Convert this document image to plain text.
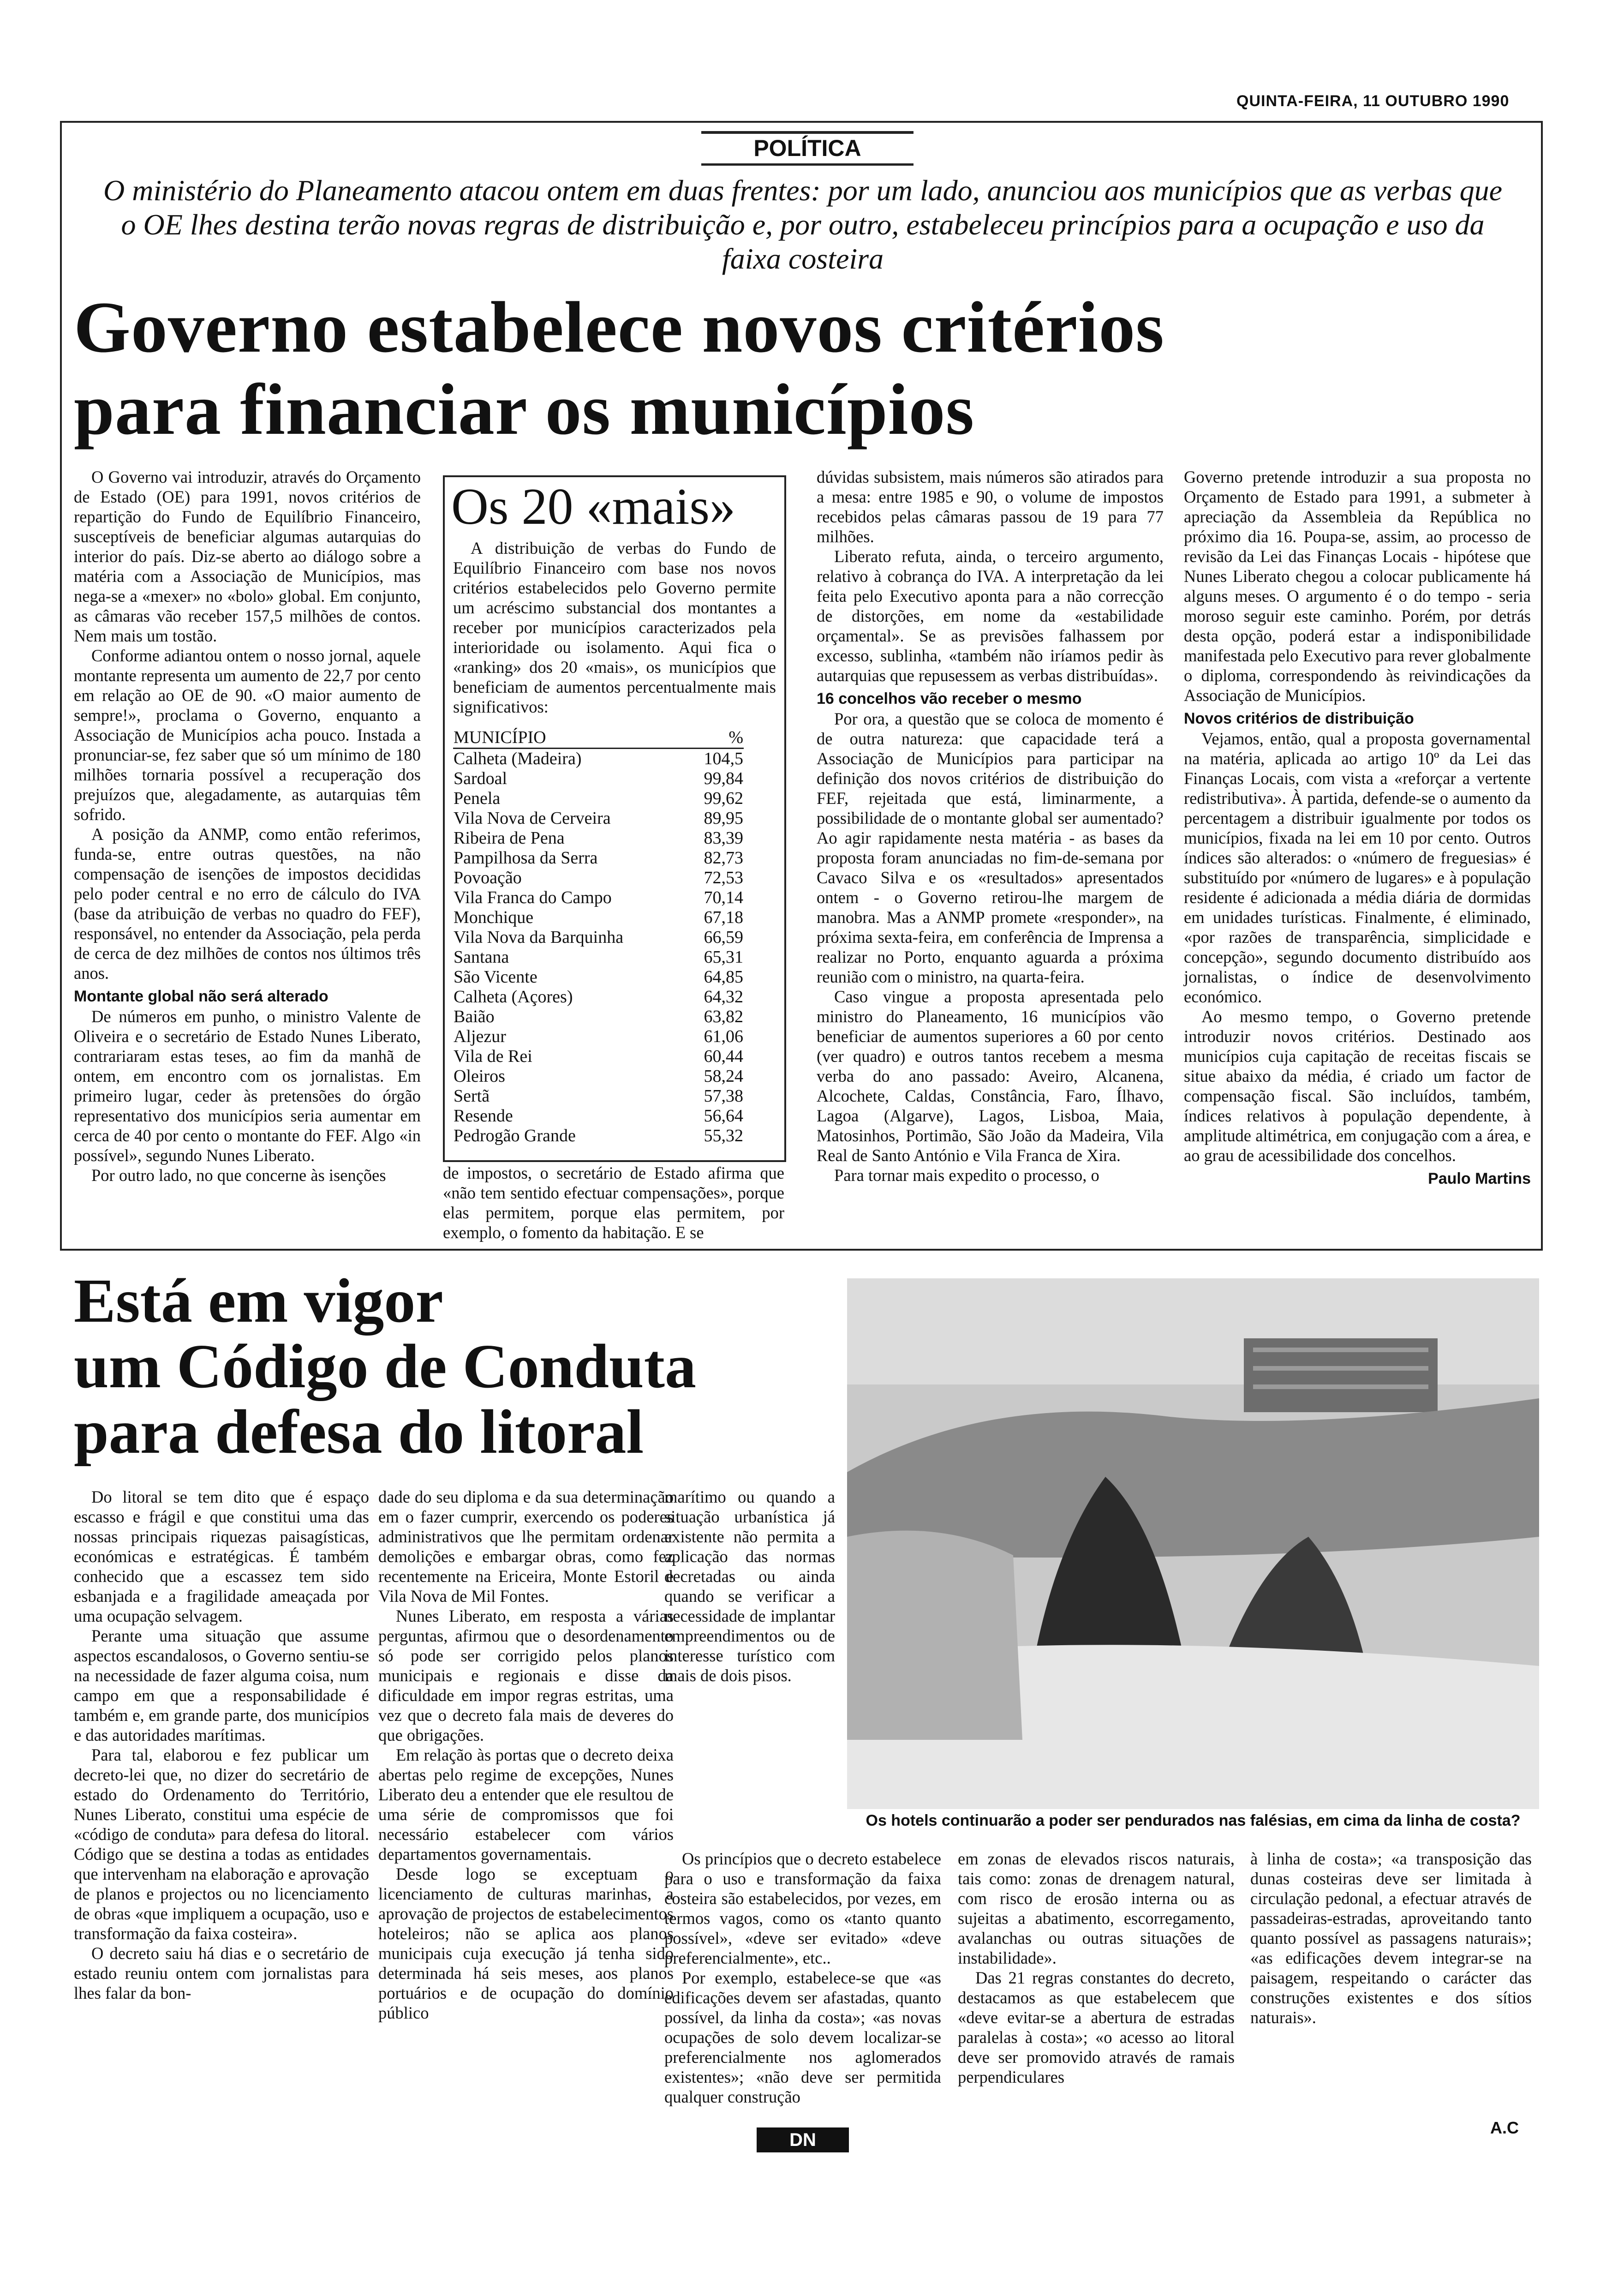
QUINTA-FEIRA, 11 OUTUBRO 1990
POLÍTICA
O ministério do Planeamento atacou ontem em duas frentes: por um lado, anunciou aos municípios que as verbas que o OE lhes destina terão novas regras de distribuição e, por outro, estabeleceu princípios para a ocupação e uso da faixa costeira
Governo estabelece novos critérios
para financiar os municípios

O Governo vai introduzir, através do Orçamento de Estado (OE) para 1991, novos critérios de repartição do Fundo de Equilíbrio Financeiro, susceptíveis de beneficiar algumas autarquias do interior do país. Diz-se aberto ao diálogo sobre a matéria com a Associação de Municípios, mas nega-se a «mexer» no «bolo» global. Em conjunto, as câmaras vão receber 157,5 milhões de contos. Nem mais um tostão.

Conforme adiantou ontem o nosso jornal, aquele montante representa um aumento de 22,7 por cento em relação ao OE de 90. «O maior aumento de sempre!», proclama o Governo, enquanto a Associação de Municípios acha pouco. Instada a pronunciar-se, fez saber que só um mínimo de 180 milhões tornaria possível a recuperação dos prejuízos que, alegadamente, as autarquias têm sofrido.

A posição da ANMP, como então referimos, funda-se, entre outras questões, na não compensação de isenções de impostos decididas pelo poder central e no erro de cálculo do IVA (base da atribuição de verbas no quadro do FEF), responsável, no entender da Associação, pela perda de cerca de dez milhões de contos nos últimos três anos.

Montante global não será alterado

De números em punho, o ministro Valente de Oliveira e o secretário de Estado Nunes Liberato, contrariaram estas teses, ao fim da manhã de ontem, em encontro com os jornalistas. Em primeiro lugar, ceder às pretensões do órgão representativo dos municípios seria aumentar em cerca de 40 por cento o montante do FEF. Algo «in possível», segundo Nunes Liberato.

Por outro lado, no que concerne às isenções

Os 20 «mais»

A distribuição de verbas do Fundo de Equilíbrio Financeiro com base nos novos critérios estabelecidos pelo Governo permite um acréscimo substancial dos montantes a receber por municípios caracterizados pela interioridade ou isolamento. Aqui fica o «ranking» dos 20 «mais», os municípios que beneficiam de aumentos percentualmente mais significativos:

MUNICÍPIO	%
Calheta (Madeira)	104,5
Sardoal	99,84
Penela	99,62
Vila Nova de Cerveira	89,95
Ribeira de Pena	83,39
Pampilhosa da Serra	82,73
Povoação	72,53
Vila Franca do Campo	70,14
Monchique	67,18
Vila Nova da Barquinha	66,59
Santana	65,31
São Vicente	64,85
Calheta (Açores)	64,32
Baião	63,82
Aljezur	61,06
Vila de Rei	60,44
Oleiros	58,24
Sertã	57,38
Resende	56,64
Pedrogão Grande	55,32

de impostos, o secretário de Estado afirma que «não tem sentido efectuar compensações», porque elas permitem, porque elas permitem, por exemplo, o fomento da habitação. E se

dúvidas subsistem, mais números são atirados para a mesa: entre 1985 e 90, o volume de impostos recebidos pelas câmaras passou de 19 para 77 milhões.

Liberato refuta, ainda, o terceiro argumento, relativo à cobrança do IVA. A interpretação da lei feita pelo Executivo aponta para a não correcção de distorções, em nome da «estabilidade orçamental». Se as previsões falhassem por excesso, sublinha, «também não iríamos pedir às autarquias que repusessem as verbas distribuídas».

16 concelhos vão receber o mesmo

Por ora, a questão que se coloca de momento é de outra natureza: que capacidade terá a Associação de Municípios para participar na definição dos novos critérios de distribuição do FEF, rejeitada que está, liminarmente, a possibilidade de o montante global ser aumentado? Ao agir rapidamente nesta matéria - as bases da proposta foram anunciadas no fim-de-semana por Cavaco Silva e os «resultados» apresentados ontem - o Governo retirou-lhe margem de manobra. Mas a ANMP promete «responder», na próxima sexta-feira, em conferência de Imprensa a realizar no Porto, enquanto aguarda a próxima reunião com o ministro, na quarta-feira.

Caso vingue a proposta apresentada pelo ministro do Planeamento, 16 municípios vão beneficiar de aumentos superiores a 60 por cento (ver quadro) e outros tantos recebem a mesma verba do ano passado: Aveiro, Alcanena, Alcochete, Caldas, Constância, Faro, Ílhavo, Lagoa (Algarve), Lagos, Lisboa, Maia, Matosinhos, Portimão, São João da Madeira, Vila Real de Santo António e Vila Franca de Xira.

Para tornar mais expedito o processo, o

Governo pretende introduzir a sua proposta no Orçamento de Estado para 1991, a submeter à apreciação da Assembleia da República no próximo dia 16. Poupa-se, assim, ao processo de revisão da Lei das Finanças Locais - hipótese que Nunes Liberato chegou a colocar publicamente há alguns meses. O argumento é o do tempo - seria moroso seguir este caminho. Porém, por detrás desta opção, poderá estar a indisponibilidade manifestada pelo Executivo para rever globalmente o diploma, correspondendo às reivindicações da Associação de Municípios.

Novos critérios de distribuição

Vejamos, então, qual a proposta governamental na matéria, aplicada ao artigo 10º da Lei das Finanças Locais, com vista a «reforçar a vertente redistributiva». À partida, defende-se o aumento da percentagem a distribuir igualmente por todos os municípios, fixada na lei em 10 por cento. Outros índices são alterados: o «número de freguesias» é substituído por «número de lugares» e à população residente é adicionada a média diária de dormidas em unidades turísticas. Finalmente, é eliminado, «por razões de transparência, simplicidade e concepção», segundo documento distribuído aos jornalistas, o índice de desenvolvimento económico.

Ao mesmo tempo, o Governo pretende introduzir novos critérios. Destinado aos municípios cuja capitação de receitas fiscais se situe abaixo da média, é criado um factor de compensação fiscal. São incluídos, também, índices relativos à população dependente, à amplitude altimétrica, em conjugação com a área, e ao grau de acessibilidade dos concelhos.

Paulo Martins

Está em vigor
um Código de Conduta
para defesa do litoral
Os hotels continuarão a poder ser pendurados nas falésias, em cima da linha de costa?

Do litoral se tem dito que é espaço escasso e frágil e que constitui uma das nossas principais riquezas paisagísticas, económicas e estratégicas. É também conhecido que a escassez tem sido esbanjada e a fragilidade ameaçada por uma ocupação selvagem.

Perante uma situação que assume aspectos escandalosos, o Governo sentiu-se na necessidade de fazer alguma coisa, num campo em que a responsabilidade é também e, em grande parte, dos municípios e das autoridades marítimas.

Para tal, elaborou e fez publicar um decreto-lei que, no dizer do secretário de estado do Ordenamento do Território, Nunes Liberato, constitui uma espécie de «código de conduta» para defesa do litoral. Código que se destina a todas as entidades que intervenham na elaboração e aprovação de planos e projectos ou no licenciamento de obras «que impliquem a ocupação, uso e transformação da faixa costeira».

O decreto saiu há dias e o secretário de estado reuniu ontem com jornalistas para lhes falar da bon-

dade do seu diploma e da sua determinação em o fazer cumprir, exercendo os poderes administrativos que lhe permitam ordenar demolições e embargar obras, como fez recentemente na Ericeira, Monte Estoril e Vila Nova de Mil Fontes.

Nunes Liberato, em resposta a várias perguntas, afirmou que o desordenamento só pode ser corrigido pelos planos municipais e regionais e disse da dificuldade em impor regras estritas, uma vez que o decreto fala mais de deveres do que obrigações.

Em relação às portas que o decreto deixa abertas pelo regime de excepções, Nunes Liberato deu a entender que ele resultou de uma série de compromissos que foi necessário estabelecer com vários departamentos governamentais.

Desde logo se exceptuam o licenciamento de culturas marinhas, a aprovação de projectos de estabelecimentos hoteleiros; não se aplica aos planos municipais cuja execução já tenha sido determinada há seis meses, aos planos portuários e de ocupação do domínio público

marítimo ou quando a situação urbanística já existente não permita a aplicação das normas decretadas ou ainda quando se verificar a necessidade de implantar empreendimentos ou de interesse turístico com mais de dois pisos.

Os princípios que o decreto estabelece para o uso e transformação da faixa costeira são estabelecidos, por vezes, em termos vagos, como os «tanto quanto possível», «deve ser evitado» «deve preferencialmente», etc..

Por exemplo, estabelece-se que «as edificações devem ser afastadas, quanto possível, da linha da costa»; «as novas ocupações de solo devem localizar-se preferencialmente nos aglomerados existentes»; «não deve ser permitida qualquer construção

em zonas de elevados riscos naturais, tais como: zonas de drenagem natural, com risco de erosão interna ou as sujeitas a abatimento, escorregamento, avalanchas ou outras situações de instabilidade».

Das 21 regras constantes do decreto, destacamos as que estabelecem que «deve evitar-se a abertura de estradas paralelas à costa»; «o acesso ao litoral deve ser promovido através de ramais perpendiculares

à linha de costa»; «a transposição das dunas costeiras deve ser limitada à circulação pedonal, a efectuar através de passadeiras-estradas, aproveitando tanto quanto possível as passagens naturais»; «as edificações devem integrar-se na paisagem, respeitando o carácter das construções existentes e dos sítios naturais».

A.C
DN
